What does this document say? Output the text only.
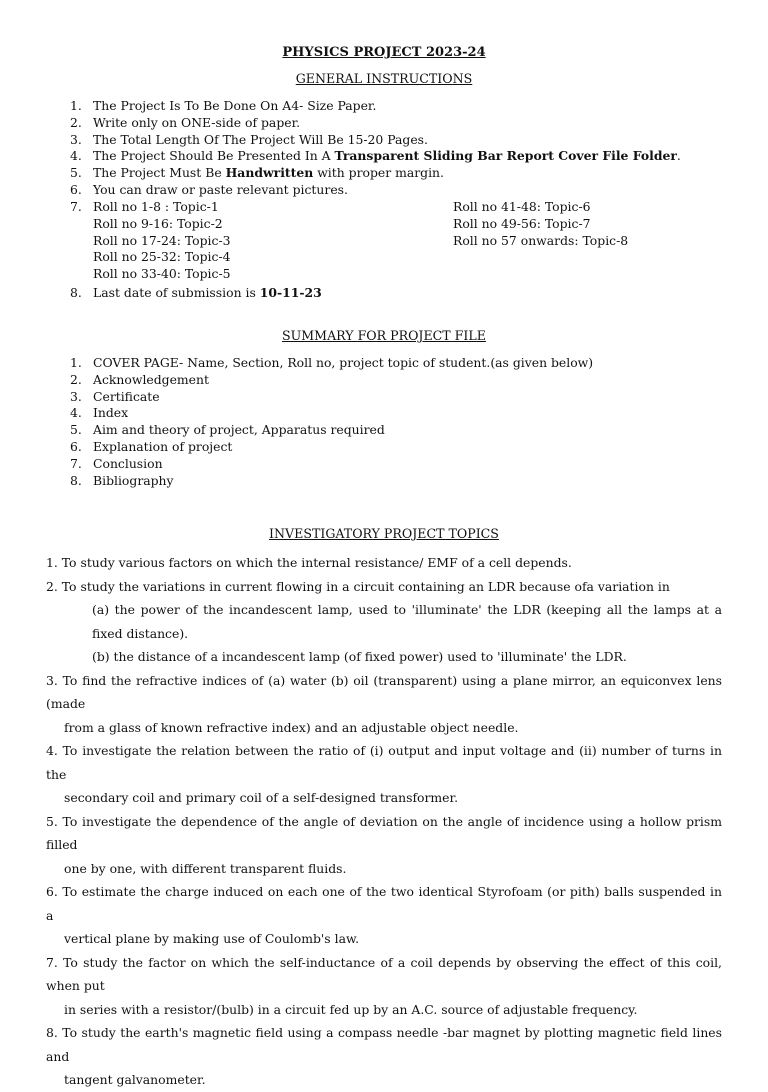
PHYSICS PROJECT 2023-24
GENERAL INSTRUCTIONS
1. The Project Is To Be Done On A4- Size Paper.
2. Write only on ONE-side of paper.
3. The Total Length Of The Project Will Be 15-20 Pages.
4. The Project Should Be Presented In A Transparent Sliding Bar Report Cover File Folder.
5. The Project Must Be Handwritten with proper margin.
6. You can draw or paste relevant pictures.
7. Roll no 1-8 : Topic-1
Roll no 9-16: Topic-2
Roll no 17-24: Topic-3
Roll no 25-32: Topic-4
Roll no 33-40: Topic-5
Roll no 41-48: Topic-6
Roll no 49-56: Topic-7
Roll no 57 onwards: Topic-8
8. Last date of submission is 10-11-23
SUMMARY FOR PROJECT FILE
1. COVER PAGE- Name, Section, Roll no, project topic of student.(as given below)
2. Acknowledgement
3. Certificate
4. Index
5. Aim and theory of project, Apparatus required
6. Explanation of project
7. Conclusion
8. Bibliography
INVESTIGATORY PROJECT TOPICS
1. To study various factors on which the internal resistance/ EMF of a cell depends.
2. To study the variations in current flowing in a circuit containing an LDR because ofa variation in
(a) the power of the incandescent lamp, used to 'illuminate' the LDR (keeping all the lamps at a fixed distance).
(b) the distance of a incandescent lamp (of fixed power) used to 'illuminate' the LDR.
3. To find the refractive indices of (a) water (b) oil (transparent) using a plane mirror, an equiconvex lens (made
from a glass of known refractive index) and an adjustable object needle.
4. To investigate the relation between the ratio of (i) output and input voltage and (ii) number of turns in the
secondary coil and primary coil of a self-designed transformer.
5. To investigate the dependence of the angle of deviation on the angle of incidence using a hollow prism filled
one by one, with different transparent fluids.
6. To estimate the charge induced on each one of the two identical Styrofoam (or pith) balls suspended in a
vertical plane by making use of Coulomb's law.
7. To study the factor on which the self-inductance of a coil depends by observing the effect of this coil, when put
in series with a resistor/(bulb) in a circuit fed up by an A.C. source of adjustable frequency.
8. To study the earth's magnetic field using a compass needle -bar magnet by plotting magnetic field lines and
tangent galvanometer.
